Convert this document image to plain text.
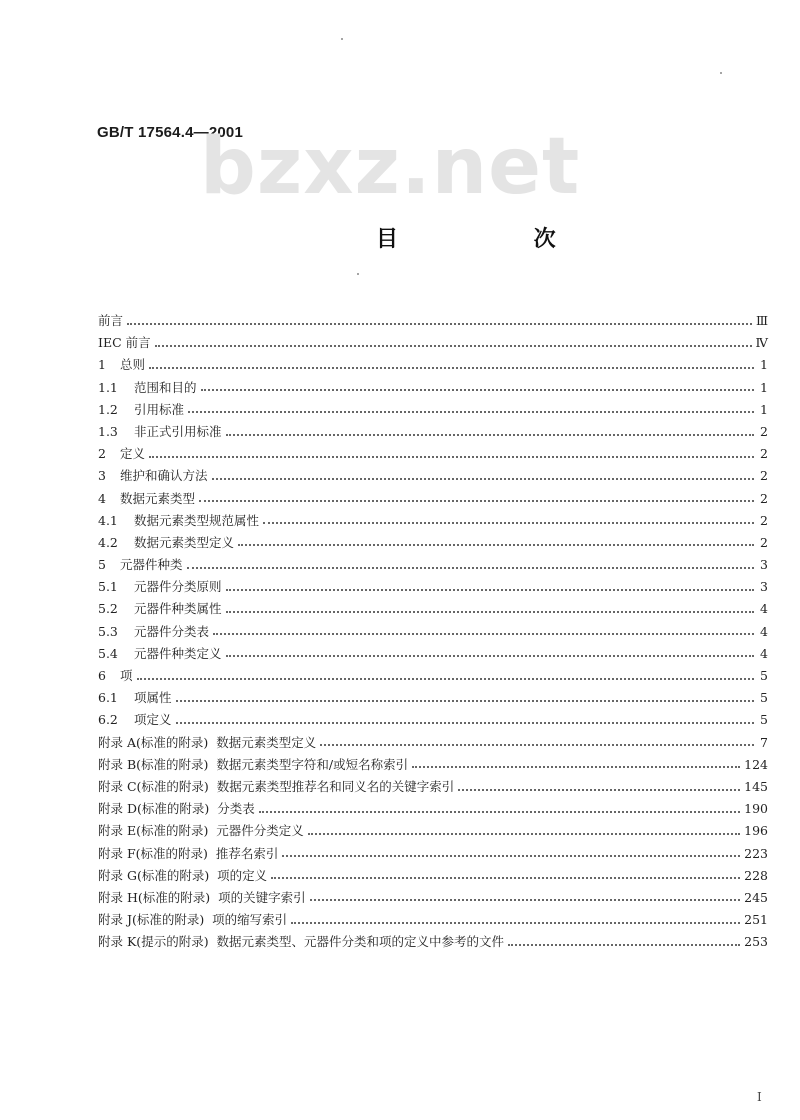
GB/T 17564.4—2001
bzxz.net
目 次
前言	Ⅲ
IEC 前言	Ⅳ
1	总则	1
1.1	范围和目的	1
1.2	引用标准	1
1.3	非正式引用标准	2
2	定义	2
3	维护和确认方法	2
4	数据元素类型	2
4.1	数据元素类型规范属性	2
4.2	数据元素类型定义	2
5	元器件种类	3
5.1	元器件分类原则	3
5.2	元器件种类属性	4
5.3	元器件分类表	4
5.4	元器件种类定义	4
6	项	5
6.1	项属性	5
6.2	项定义	5
附录 A(标准的附录)  数据元素类型定义	7
附录 B(标准的附录)  数据元素类型字符和/或短名称索引	124
附录 C(标准的附录)  数据元素类型推荐名和同义名的关键字索引	145
附录 D(标准的附录)  分类表	190
附录 E(标准的附录)  元器件分类定义	196
附录 F(标准的附录)  推荐名索引	223
附录 G(标准的附录)  项的定义	228
附录 H(标准的附录)  项的关键字索引	245
附录 J(标准的附录)  项的缩写索引	251
附录 K(提示的附录)  数据元素类型、元器件分类和项的定义中参考的文件	253
I
